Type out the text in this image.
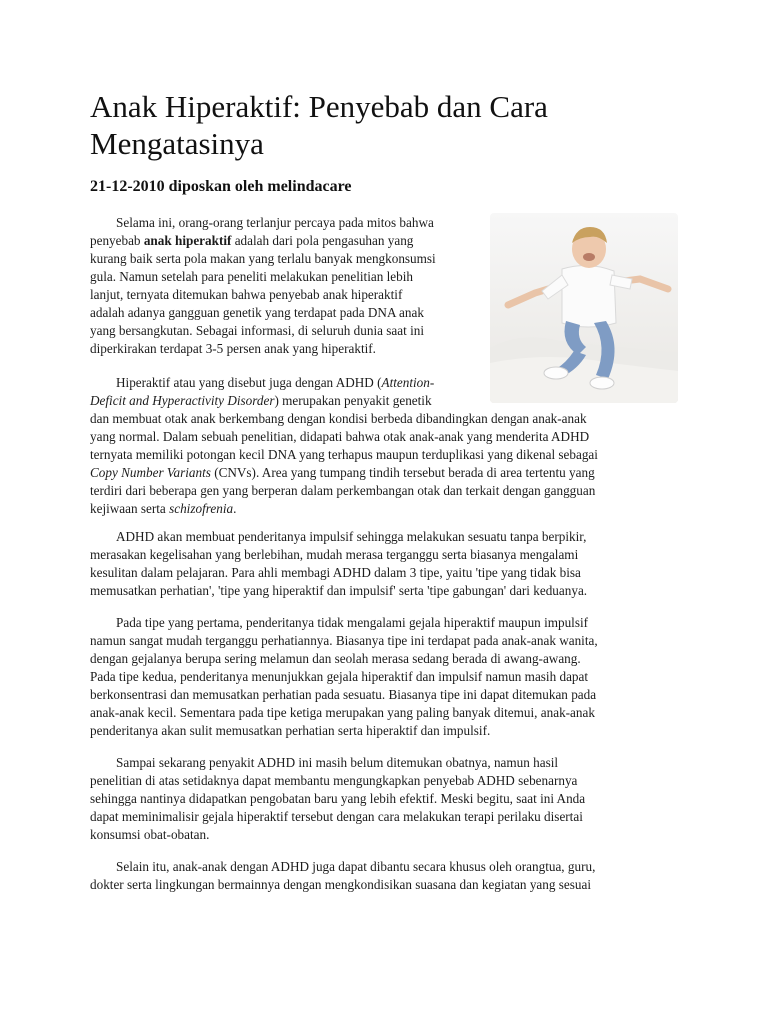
Anak Hiperaktif: Penyebab dan Cara
Mengatasinya

21-12-2010 diposkan oleh melindacare

Selama ini, orang-orang terlanjur percaya pada mitos bahwa
penyebab anak hiperaktif adalah dari pola pengasuhan yang
kurang baik serta pola makan yang terlalu banyak mengkonsumsi
gula. Namun setelah para peneliti melakukan penelitian lebih
lanjut, ternyata ditemukan bahwa penyebab anak hiperaktif
adalah adanya gangguan genetik yang terdapat pada DNA anak
yang bersangkutan. Sebagai informasi, di seluruh dunia saat ini
diperkirakan terdapat 3-5 persen anak yang hiperaktif.
Hiperaktif atau yang disebut juga dengan ADHD (Attention-
Deficit and Hyperactivity Disorder) merupakan penyakit genetik
dan membuat otak anak berkembang dengan kondisi berbeda dibandingkan dengan anak-anak
yang normal. Dalam sebuah penelitian, didapati bahwa otak anak-anak yang menderita ADHD
ternyata memiliki potongan kecil DNA yang terhapus maupun terduplikasi yang dikenal sebagai
Copy Number Variants (CNVs). Area yang tumpang tindih tersebut berada di area tertentu yang
terdiri dari beberapa gen yang berperan dalam perkembangan otak dan terkait dengan gangguan
kejiwaan serta schizofrenia.
ADHD akan membuat penderitanya impulsif sehingga melakukan sesuatu tanpa berpikir,
merasakan kegelisahan yang berlebihan, mudah merasa terganggu serta biasanya mengalami
kesulitan dalam pelajaran. Para ahli membagi ADHD dalam 3 tipe, yaitu 'tipe yang tidak bisa
memusatkan perhatian', 'tipe yang hiperaktif dan impulsif' serta 'tipe gabungan' dari keduanya.
Pada tipe yang pertama, penderitanya tidak mengalami gejala hiperaktif maupun impulsif
namun sangat mudah terganggu perhatiannya. Biasanya tipe ini terdapat pada anak-anak wanita,
dengan gejalanya berupa sering melamun dan seolah merasa sedang berada di awang-awang.
Pada tipe kedua, penderitanya menunjukkan gejala hiperaktif dan impulsif namun masih dapat
berkonsentrasi dan memusatkan perhatian pada sesuatu. Biasanya tipe ini dapat ditemukan pada
anak-anak kecil. Sementara pada tipe ketiga merupakan yang paling banyak ditemui, anak-anak
penderitanya akan sulit memusatkan perhatian serta hiperaktif dan impulsif.
Sampai sekarang penyakit ADHD ini masih belum ditemukan obatnya, namun hasil
penelitian di atas setidaknya dapat membantu mengungkapkan penyebab ADHD sebenarnya
sehingga nantinya didapatkan pengobatan baru yang lebih efektif. Meski begitu, saat ini Anda
dapat meminimalisir gejala hiperaktif tersebut dengan cara melakukan terapi perilaku disertai
konsumsi obat-obatan.
Selain itu, anak-anak dengan ADHD juga dapat dibantu secara khusus oleh orangtua, guru,
dokter serta lingkungan bermainnya dengan mengkondisikan suasana dan kegiatan yang sesuai
